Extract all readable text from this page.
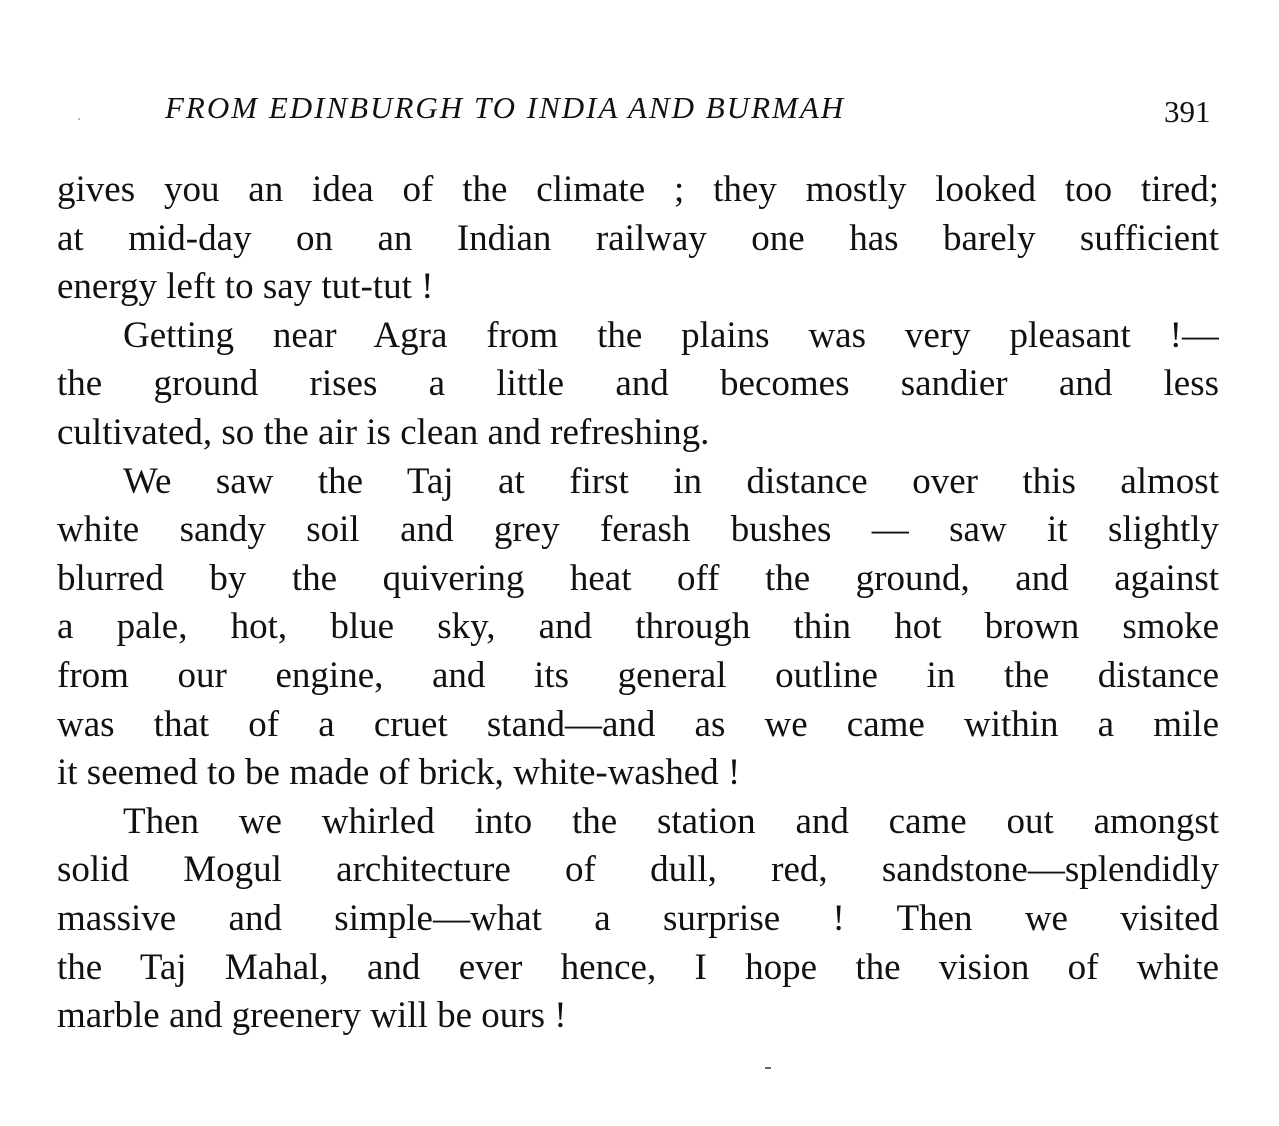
FROM EDINBURGH TO INDIA AND BURMAH	391
gives you an idea of the climate ; they mostly looked too tired;
at mid-day on an Indian railway one has barely sufficient
energy left to say tut-tut !
Getting near Agra from the plains was very pleasant !—
the ground rises a little and becomes sandier and less
cultivated, so the air is clean and refreshing.
We saw the Taj at first in distance over this almost
white sandy soil and grey ferash bushes — saw it slightly
blurred by the quivering heat off the ground, and against
a pale, hot, blue sky, and through thin hot brown smoke
from our engine, and its general outline in the distance
was that of a cruet stand—and as we came within a mile
it seemed to be made of brick, white-washed !
Then we whirled into the station and came out amongst
solid Mogul architecture of dull, red, sandstone—splendidly
massive and simple—what a surprise ! Then we visited
the Taj Mahal, and ever hence, I hope the vision of white
marble and greenery will be ours !
